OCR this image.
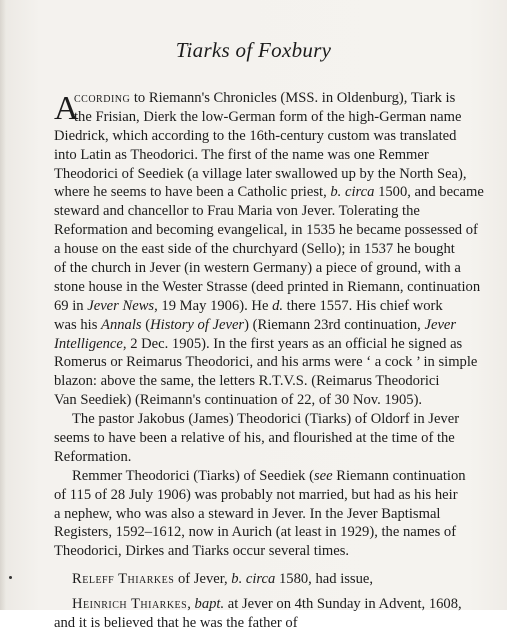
Tiarks of Foxbury
A
ccording to Riemann's Chronicles (MSS. in Oldenburg), Tiark is
the Frisian, Dierk the low-German form of the high-German name
Diedrick, which according to the 16th-century custom was translated
into Latin as Theodorici. The first of the name was one Remmer
Theodorici of Seediek (a village later swallowed up by the North Sea),
where he seems to have been a Catholic priest, b. circa 1500, and became
steward and chancellor to Frau Maria von Jever. Tolerating the
Reformation and becoming evangelical, in 1535 he became possessed of
a house on the east side of the churchyard (Sello); in 1537 he bought
of the church in Jever (in western Germany) a piece of ground, with a
stone house in the Wester Strasse (deed printed in Riemann, continuation
69 in Jever News, 19 May 1906). He d. there 1557. His chief work
was his Annals (History of Jever) (Riemann 23rd continuation, Jever
Intelligence, 2 Dec. 1905). In the first years as an official he signed as
Romerus or Reimarus Theodorici, and his arms were ‘ a cock ’ in simple
blazon: above the same, the letters R.T.V.S. (Reimarus Theodorici
Van Seediek) (Reimann's continuation of 22, of 30 Nov. 1905).
The pastor Jakobus (James) Theodorici (Tiarks) of Oldorf in Jever
seems to have been a relative of his, and flourished at the time of the
Reformation.
Remmer Theodorici (Tiarks) of Seediek (see Riemann continuation
of 115 of 28 July 1906) was probably not married, but had as his heir
a nephew, who was also a steward in Jever. In the Jever Baptismal
Registers, 1592–1612, now in Aurich (at least in 1929), the names of
Theodorici, Dirkes and Tiarks occur several times.
Releff Thiarkes of Jever, b. circa 1580, had issue,
Heinrich Thiarkes, bapt. at Jever on 4th Sunday in Advent, 1608,
and it is believed that he was the father of
